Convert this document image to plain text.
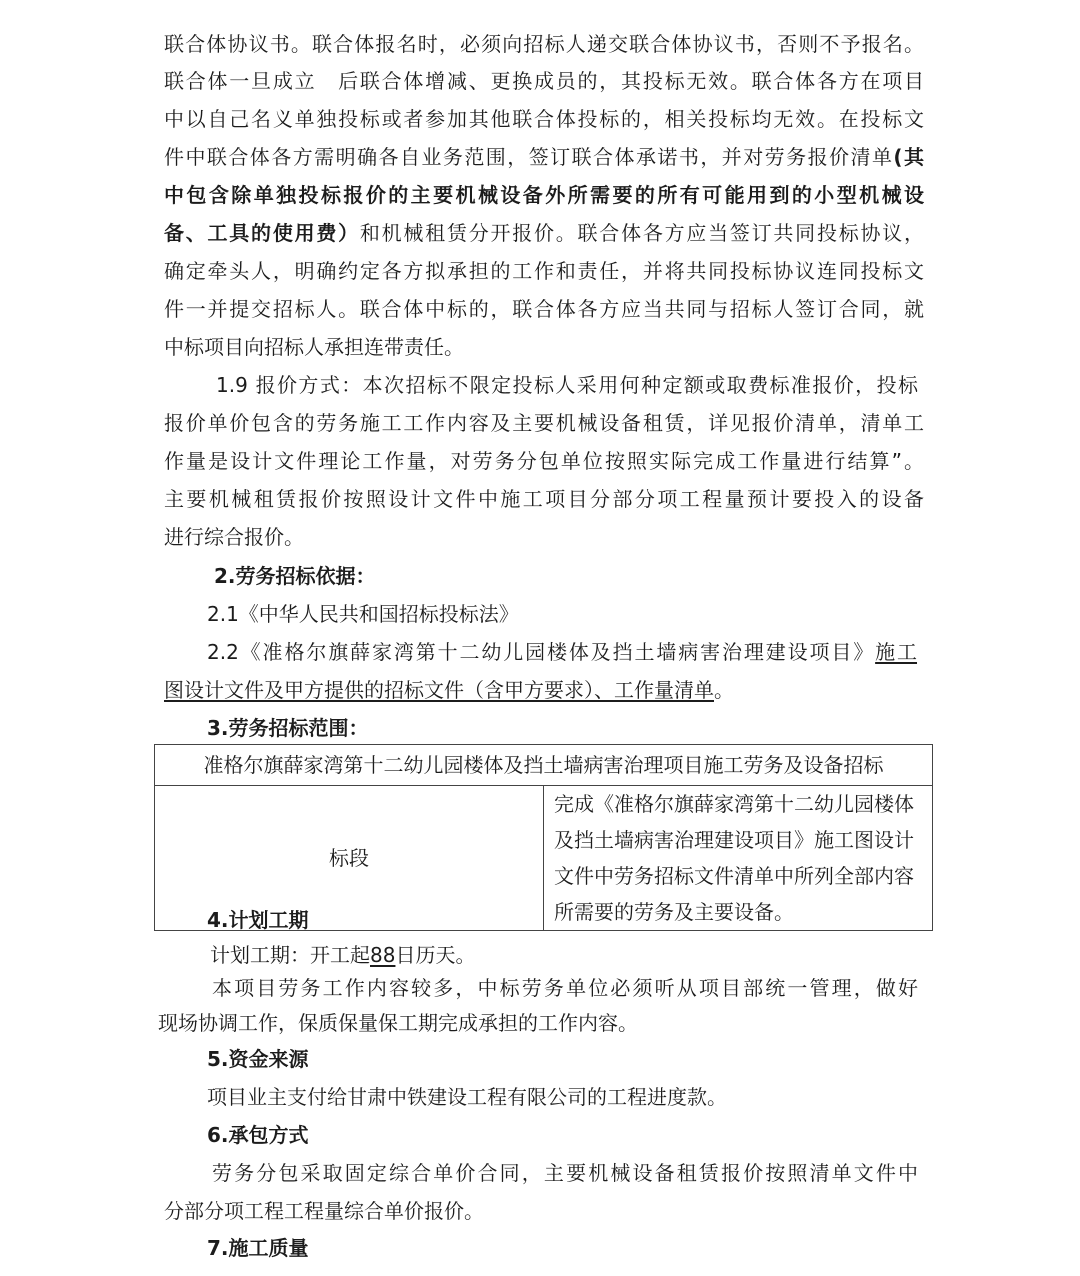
联合体协议书。联合体报名时，必须向招标人递交联合体协议书，否则不予报名。
联合体一旦成立　后联合体增减、更换成员的，其投标无效。联合体各方在项目
中以自己名义单独投标或者参加其他联合体投标的，相关投标均无效。在投标文
件中联合体各方需明确各自业务范围，签订联合体承诺书，并对劳务报价清单(其
中包含除单独投标报价的主要机械设备外所需要的所有可能用到的小型机械设
备、工具的使用费）和机械租赁分开报价。联合体各方应当签订共同投标协议，
确定牵头人，明确约定各方拟承担的工作和责任，并将共同投标协议连同投标文
件一并提交招标人。联合体中标的，联合体各方应当共同与招标人签订合同，就
中标项目向招标人承担连带责任。
1.9 报价方式：本次招标不限定投标人采用何种定额或取费标准报价，投标
报价单价包含的劳务施工工作内容及主要机械设备租赁，详见报价清单，清单工
作量是设计文件理论工作量，对劳务分包单位按照实际完成工作量进行结算”。
主要机械租赁报价按照设计文件中施工项目分部分项工程量预计要投入的设备
进行综合报价。
2.劳务招标依据：
2.1《中华人民共和国招标投标法》
2.2《准格尔旗薛家湾第十二幼儿园楼体及挡土墙病害治理建设项目》施工
图设计文件及甲方提供的招标文件（含甲方要求）、工作量清单。
3.劳务招标范围：
准格尔旗薛家湾第十二幼儿园楼体及挡土墙病害治理项目施工劳务及设备招标
标段	完成《准格尔旗薛家湾第十二幼儿园楼体及挡土墙病害治理建设项目》施工图设计文件中劳务招标文件清单中所列全部内容所需要的劳务及主要设备。
4.计划工期
计划工期：开工起88日历天。
本项目劳务工作内容较多，中标劳务单位必须听从项目部统一管理，做好
现场协调工作，保质保量保工期完成承担的工作内容。
5.资金来源
项目业主支付给甘肃中铁建设工程有限公司的工程进度款。
6.承包方式
劳务分包采取固定综合单价合同，主要机械设备租赁报价按照清单文件中
分部分项工程工程量综合单价报价。
7.施工质量
